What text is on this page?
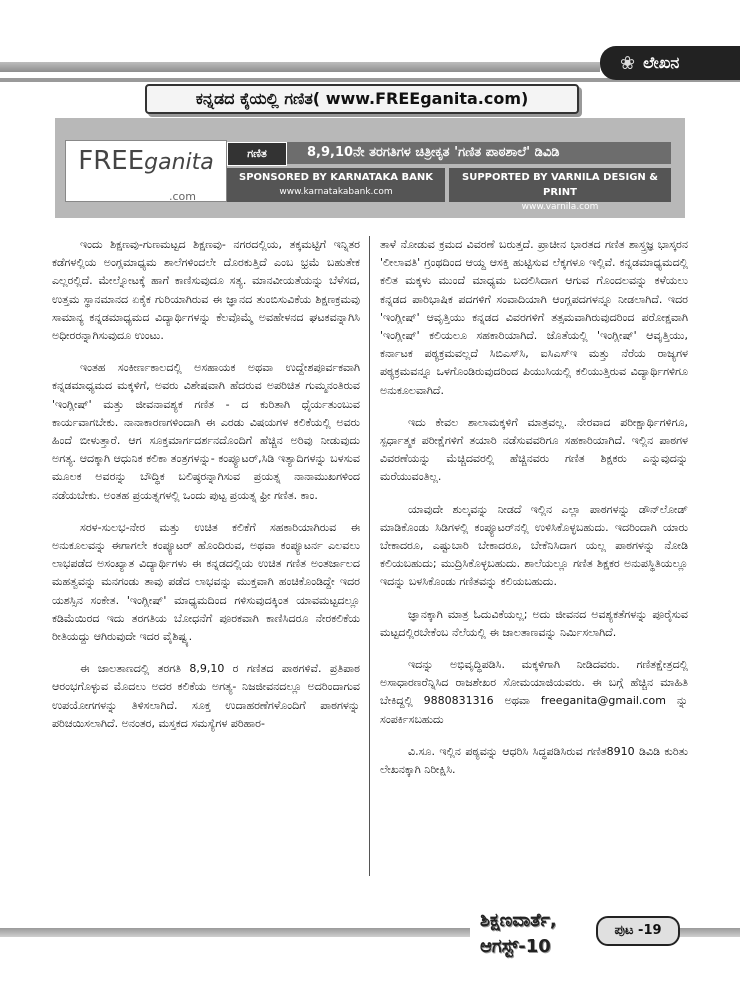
❀ ಲೇಖನ
ಕನ್ನಡದ ಕೈಯಲ್ಲಿ ಗಣಿತ( www.FREEganita.com)
FREEganita
.com
ಗಣಿತ	8,9,10ನೇ ತರಗತಿಗಳ ಚಿತ್ರೀಕೃತ 'ಗಣಿತ ಪಾಠಶಾಲೆ' ಡಿವಿಡಿ
SPONSORED BY KARNATAKA BANK
www.karnatakabank.com
SUPPORTED BY VARNILA DESIGN & PRINT
www.varnila.com

ಇಂದು ಶಿಕ್ಷಣವು-ಗುಣಮಟ್ಟದ ಶಿಕ್ಷಣವು- ನಗರದಲ್ಲಿಯ, ತಕ್ಕಮಟ್ಟಿಗೆ ಇನ್ನಿತರ ಕಡೆಗಳಲ್ಲಿಯ ಅಂಗ್ಲಮಾಧ್ಯಮ ಶಾಲೆಗಳಿಂದಲೇ ದೊರಕುತ್ತಿದೆ ಎಂಬ ಭ್ರಮೆ ಬಹುತೇಕ ಎಲ್ಲರಲ್ಲಿದೆ. ಮೇಲ್ನೋಟಕ್ಕೆ ಹಾಗೆ ಕಾಣಿಸುವುದೂ ಸತ್ಯ. ಮಾನವೀಯತೆಯನ್ನು ಬೆಳೆಸದ, ಉತ್ತಮ ಸ್ಥಾನಮಾನದ ಏಕೈಕ ಗುರಿಯಾಗಿರುವ ಈ ಜ್ಞಾನದ ತುಂಬಿಸುವಿಕೆಯ ಶಿಕ್ಷಣಕ್ರಮವು ಸಾಮಾನ್ಯ ಕನ್ನಡಮಾಧ್ಯಮದ ವಿದ್ಯಾರ್ಥಿಗಳನ್ನು ಕೆಲವೊಮ್ಮೆ ಅವಹೇಳನದ ಘಟಕವನ್ನಾಗಿಸಿ ಅಧೀರರನ್ನಾಗಿಸುವುದೂ ಉಂಟು.

ಇಂತಹ ಸಂಕೀರ್ಣಕಾಲದಲ್ಲಿ ಅಸಹಾಯಕ ಅಥವಾ ಉದ್ದೇಶಪೂರ್ವಕವಾಗಿ ಕನ್ನಡಮಾಧ್ಯಮದ ಮಕ್ಕಳಿಗೆ, ಅವರು ವಿಶೇಷವಾಗಿ ಹೆದರುವ ಅಪರಿಚಿತ ಗುಮ್ಮನಂತಿರುವ 'ಇಂಗ್ಲೀಷ್' ಮತ್ತು ಜೀವನಾವಶ್ಯಕ ಗಣಿತ - ದ ಕುರಿತಾಗಿ ಧೈರ್ಯತುಂಬುವ ಕಾರ್ಯವಾಗಬೇಕು. ನಾನಾಕಾರಣಗಳಿಂದಾಗಿ ಈ ಎರಡು ವಿಷಯಗಳ ಕಲಿಕೆಯಲ್ಲಿ ಅವರು ಹಿಂದೆ ಬೀಳುತ್ತಾರೆ. ಆಗ ಸೂಕ್ತಮಾರ್ಗದರ್ಶನದೊಂದಿಗೆ ಹೆಚ್ಚಿನ ಅರಿವು ನೀಡುವುದು ಅಗತ್ಯ. ಆದಕ್ಕಾಗಿ ಆಧುನಿಕ ಕಲಿಕಾ ತಂತ್ರಗಳನ್ನು- ಕಂಪ್ಯೂಟರ್,ಸಿಡಿ ಇತ್ಯಾದಿಗಳನ್ನು ಬಳಸುವ ಮೂಲಕ ಅವರನ್ನು ಬೌದ್ಧಿಕ ಬಲಿಷ್ಠರನ್ನಾಗಿಸುವ ಪ್ರಯತ್ನ ನಾನಾಮುಖಗಳಿಂದ ನಡೆಯಬೇಕು. ಅಂತಹ ಪ್ರಯತ್ನಗಳಲ್ಲಿ ಒಂದು ಪುಟ್ಟ ಪ್ರಯತ್ನ ಫ್ರೀ ಗಣಿತ. ಕಾಂ.

ಸರಳ-ಸುಲಭ-ನೇರ ಮತ್ತು ಉಚಿತ ಕಲಿಕೆಗೆ ಸಹಕಾರಿಯಾಗಿರುವ ಈ ಅನುಕೂಲವನ್ನು ಈಗಾಗಲೇ ಕಂಪ್ಯೂಟರ್ ಹೊಂದಿರುವ, ಅಥವಾ ಕಂಪ್ಯೂಟರ್ನ ಎಲವಲು ಲಾಭಪಡೆದ ಅಸಂಖ್ಯಾತ ವಿದ್ಯಾರ್ಥಿಗಳು ಈ ಕನ್ನಡದಲ್ಲಿಯ ಉಚಿತ ಗಣಿತ ಅಂತರ್ಜಾಲದ ಮಹತ್ವವನ್ನು ಮನಗಂಡು ತಾವು ಪಡೆದ ಲಾಭವನ್ನು ಮುಕ್ತವಾಗಿ ಹಂಚಿಕೊಂಡಿದ್ದೇ ಇದರ ಯಶಸ್ಸಿನ ಸಂಕೇತ. 'ಇಂಗ್ಲೀಷ್' ಮಾಧ್ಯಮದಿಂದ ಗಳಿಸುವುದಕ್ಕಿಂತ ಯಾವಮಟ್ಟದಲ್ಲೂ ಕಡಿಮೆಯಿರದ ಇದು ತರಗತಿಯ ಬೋಧನೆಗೆ ಪೂರಕವಾಗಿ ಕಾಣಿಸಿದರೂ ನೇರಕಲಿಕೆಯ ರೀತಿಯದ್ದು ಆಗಿರುವುದೇ ಇದರ ವೈಶಿಷ್ಟ್ಯ.

ಈ ಜಾಲತಾಣದಲ್ಲಿ ತರಗತಿ 8,9,10 ರ ಗಣಿತದ ಪಾಠಗಳಿವೆ. ಪ್ರತಿಪಾಠ ಆರಂಭಗೊಳ್ಳುವ ಮೊದಲು ಅದರ ಕಲಿಕೆಯ ಅಗತ್ಯ- ನಿಜಜೀವನದಲ್ಲೂ ಅದರಿಂದಾಗುವ ಉಪಯೋಗಗಳನ್ನು ತಿಳಿಸಲಾಗಿದೆ. ಸೂಕ್ತ ಉದಾಹರಣೆಗಳೊಂದಿಗೆ ಪಾಠಗಳನ್ನು ಪರಿಚಯಿಸಲಾಗಿದೆ. ಅನಂತರ, ಮಸ್ತಕದ ಸಮಸ್ಯೆಗಳ ಪರಿಹಾರ-

ತಾಳೆ ನೋಡುವ ಕ್ರಮದ ವಿವರಣೆ ಬರುತ್ತದೆ. ಪ್ರಾಚೀನ ಭಾರತದ ಗಣಿತ ಶಾಸ್ತ್ರಜ್ಞ ಭಾಸ್ಕರನ 'ಲೀಲಾವತಿ' ಗ್ರಂಥದಿಂದ ಆಯ್ದ ಆಸಕ್ತಿ ಹುಟ್ಟಿಸುವ ಲೆಕ್ಕಗಳೂ ಇಲ್ಲಿವೆ. ಕನ್ನಡಮಾಧ್ಯಮದಲ್ಲಿ ಕಲಿತ ಮಕ್ಕಳು ಮುಂದೆ ಮಾಧ್ಯಮ ಬದಲಿಸಿದಾಗ ಆಗುವ ಗೊಂದಲವನ್ನು ಕಳೆಯಲು ಕನ್ನಡದ ಪಾರಿಭಾಷಿಕ ಪದಗಳಿಗೆ ಸಂವಾದಿಯಾಗಿ ಆಂಗ್ಲಪದಗಳನ್ನೂ ನೀಡಲಾಗಿದೆ. ಇದರ 'ಇಂಗ್ಲೀಷ್' ಆವೃತ್ತಿಯು ಕನ್ನಡದ ವಿವರಗಳಿಗೆ ತತ್ಸಮವಾಗಿರುವುದರಿಂದ ಪರೋಕ್ಷವಾಗಿ 'ಇಂಗ್ಲೀಷ್' ಕಲಿಯಲೂ ಸಹಕಾರಿಯಾಗಿದೆ. ಜೊತೆಯಲ್ಲಿ 'ಇಂಗ್ಲೀಷ್' ಆವೃತ್ತಿಯು, ಕರ್ನಾಟಕ ಪಠ್ಯಕ್ರಮವಲ್ಲದೆ ಸಿಬಿಎಸ್‌ಸಿ, ಐಸಿಎಸ್‌ಇ ಮತ್ತು ನೆರೆಯ ರಾಜ್ಯಗಳ ಪಠ್ಯಕ್ರಮವನ್ನೂ ಒಳಗೊಂಡಿರುವುದರಿಂದ ಪಿಯುಸಿಯಲ್ಲಿ ಕಲಿಯುತ್ತಿರುವ ವಿದ್ಯಾರ್ಥಿಗಳಿಗೂ ಅನುಕೂಲವಾಗಿದೆ.

ಇದು ಕೇವಲ ಶಾಲಾಮಕ್ಕಳಿಗೆ ಮಾತ್ರವಲ್ಲ. ನೇರವಾದ ಪರೀಕ್ಷಾರ್ಥಿಗಳಿಗೂ, ಸ್ಪರ್ಧಾತ್ಮಕ ಪರೀಕ್ಷೆಗಳಿಗೆ ತಯಾರಿ ನಡೆಸುವವರಿಗೂ ಸಹಕಾರಿಯಾಗಿದೆ. ಇಲ್ಲಿನ ಪಾಠಗಳ ವಿವರಣೆಯನ್ನು ಮೆಚ್ಚಿದವರಲ್ಲಿ ಹೆಚ್ಚಿನವರು ಗಣಿತ ಶಿಕ್ಷಕರು ಎನ್ನುವುದನ್ನು ಮರೆಯುವಂತಿಲ್ಲ.

ಯಾವುದೇ ಶುಲ್ಕವನ್ನು ನೀಡದೆ ಇಲ್ಲಿನ ಎಲ್ಲಾ ಪಾಠಗಳನ್ನು ಡೌನ್‌ಲೋಡ್ ಮಾಡಿಕೊಂಡು ಸಿಡಿಗಳಲ್ಲಿ ಕಂಪ್ಯೂಟರ್‌ನಲ್ಲಿ ಉಳಿಸಿಕೊಳ್ಳಬಹುದು. ಇದರಿಂದಾಗಿ ಯಾರು ಬೇಕಾದರೂ, ಎಷ್ಟುಬಾರಿ ಬೇಕಾದರೂ, ಬೇಕೆನಿಸಿದಾಗ ಯಲ್ಲ ಪಾಠಗಳನ್ನು ನೋಡಿ ಕಲಿಯಬಹುದು; ಮುದ್ರಿಸಿಕೊಳ್ಳಬಹುದು. ಶಾಲೆಯಲ್ಲೂ ಗಣಿತ ಶಿಕ್ಷಕರ ಅನುಪಸ್ಥಿತಿಯಲ್ಲೂ ಇದನ್ನು ಬಳಸಿಕೊಂಡು ಗಣಿತವನ್ನು ಕಲಿಯಬಹುದು.

ಜ್ಞಾನಕ್ಕಾಗಿ ಮಾತ್ರ ಓದುವಿಕೆಯಲ್ಲ; ಅದು ಜೀವನದ ಅವಶ್ಯಕತೆಗಳನ್ನು ಪೂರೈಸುವ ಮಟ್ಟದಲ್ಲಿರಬೇಕೆಂಬ ನೆಲೆಯಲ್ಲಿ ಈ ಜಾಲತಾಣವನ್ನು ನಿರ್ಮಿಸಲಾಗಿದೆ.

ಇದನ್ನು ಅಭಿವೃದ್ಧಿಪಡಿಸಿ. ಮಕ್ಕಳಿಗಾಗಿ ನೀಡಿದವರು. ಗಣಿತಕ್ಷೇತ್ರದಲ್ಲಿ ಅಸಾಧಾರಣರೆನ್ನಿಸಿದ ರಾಜಶೇಖರ ಸೋಮಯಾಜಿಯವರು. ಈ ಬಗ್ಗೆ ಹೆಚ್ಚಿನ ಮಾಹಿತಿ ಬೇಕಿದ್ದಲ್ಲಿ 9880831316 ಅಥವಾ freeganita@gmail.com ನ್ನು ಸಂಪರ್ಕಿಸಬಹುದು

ವಿ.ಸೂ. ಇಲ್ಲಿನ ಪಠ್ಯವನ್ನು ಆಧರಿಸಿ ಸಿದ್ಧಪಡಿಸಿರುವ ಗಣಿತ8910 ಡಿವಿಡಿ ಕುರಿತು ಲೇಖನಕ್ಕಾಗಿ ನಿರೀಕ್ಷಿಸಿ.

ಶಿಕ್ಷಣವಾರ್ತೆ,
ಆಗಸ್ಟ್-10
ಪುಟ -19
